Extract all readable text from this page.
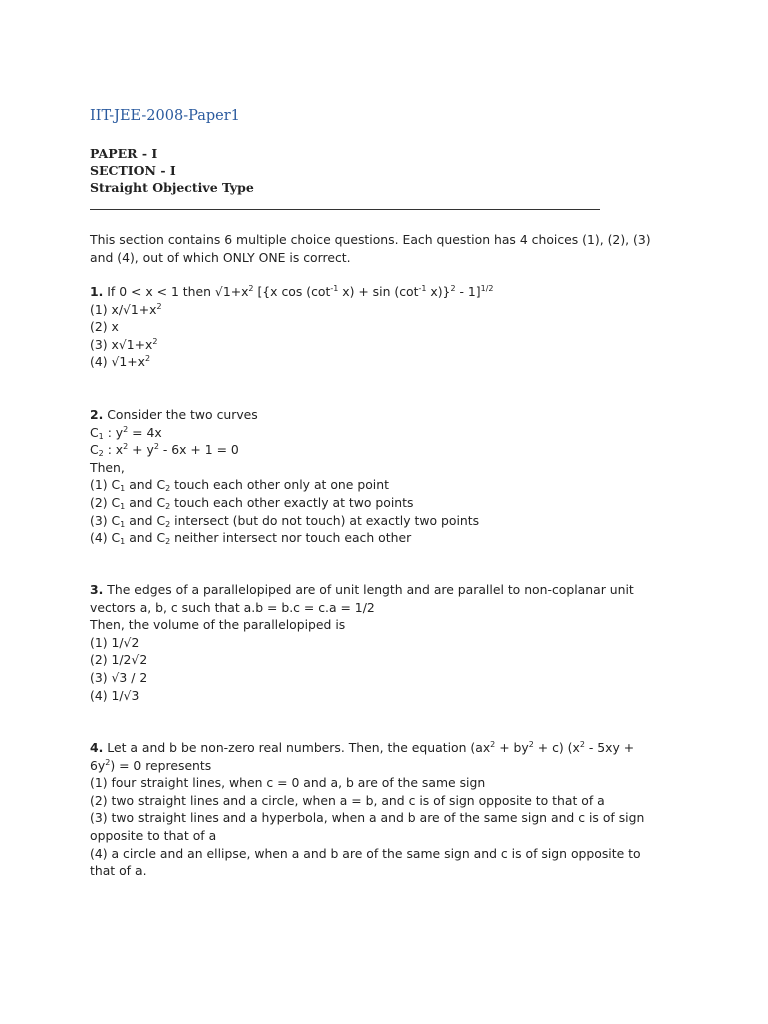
IIT-JEE-2008-Paper1
PAPER - I
SECTION - I
Straight Objective Type
This section contains 6 multiple choice questions. Each question has 4 choices (1), (2), (3)
and (4), out of which ONLY ONE is correct.
1. If 0 < x < 1 then $√1+x^2$ [{x $\cos (\cot^{-1}$ $x) + \sin (\cot^{-1}$ x)}$^2$ - 1]$^{1/2}$
(1) $x/√1+x^2$
(2) x
(3) $x√1+x^2$
(4) $√1+x^2$
2. Consider the two curves
$C_1$ : $y^2 = 4x$
$C_2$ : $x^2 + y^2 - 6x + 1 = 0$
Then,
(1) $C_1$ and $C_2$ touch each other only at one point
(2) $C_1$ and $C_2$ touch each other exactly at two points
(3) $C_1$ and $C_2$ intersect (but do not touch) at exactly two points
(4) $C_1$ and $C_2$ neither intersect nor touch each other
3. The edges of a parallelopiped are of unit length and are parallel to non-coplanar unit
vectors a, b, c such that a.b = b.c = c.a = 1/2
Then, the volume of the parallelopiped is
(1) 1/√2
(2) 1/2√2
(3) √3 / 2
(4) 1/√3
4. Let a and b be non-zero real numbers. Then, the equation $(ax^2 + by^2 + c)$ ($x^2 - 5xy$ +
$6y^2) = 0$ represents
(1) four straight lines, when c = 0 and a, b are of the same sign
(2) two straight lines and a circle, when a = b, and c is of sign opposite to that of a
(3) two straight lines and a hyperbola, when a and b are of the same sign and c is of sign
opposite to that of a
(4) a circle and an ellipse, when a and b are of the same sign and c is of sign opposite to
that of a.
